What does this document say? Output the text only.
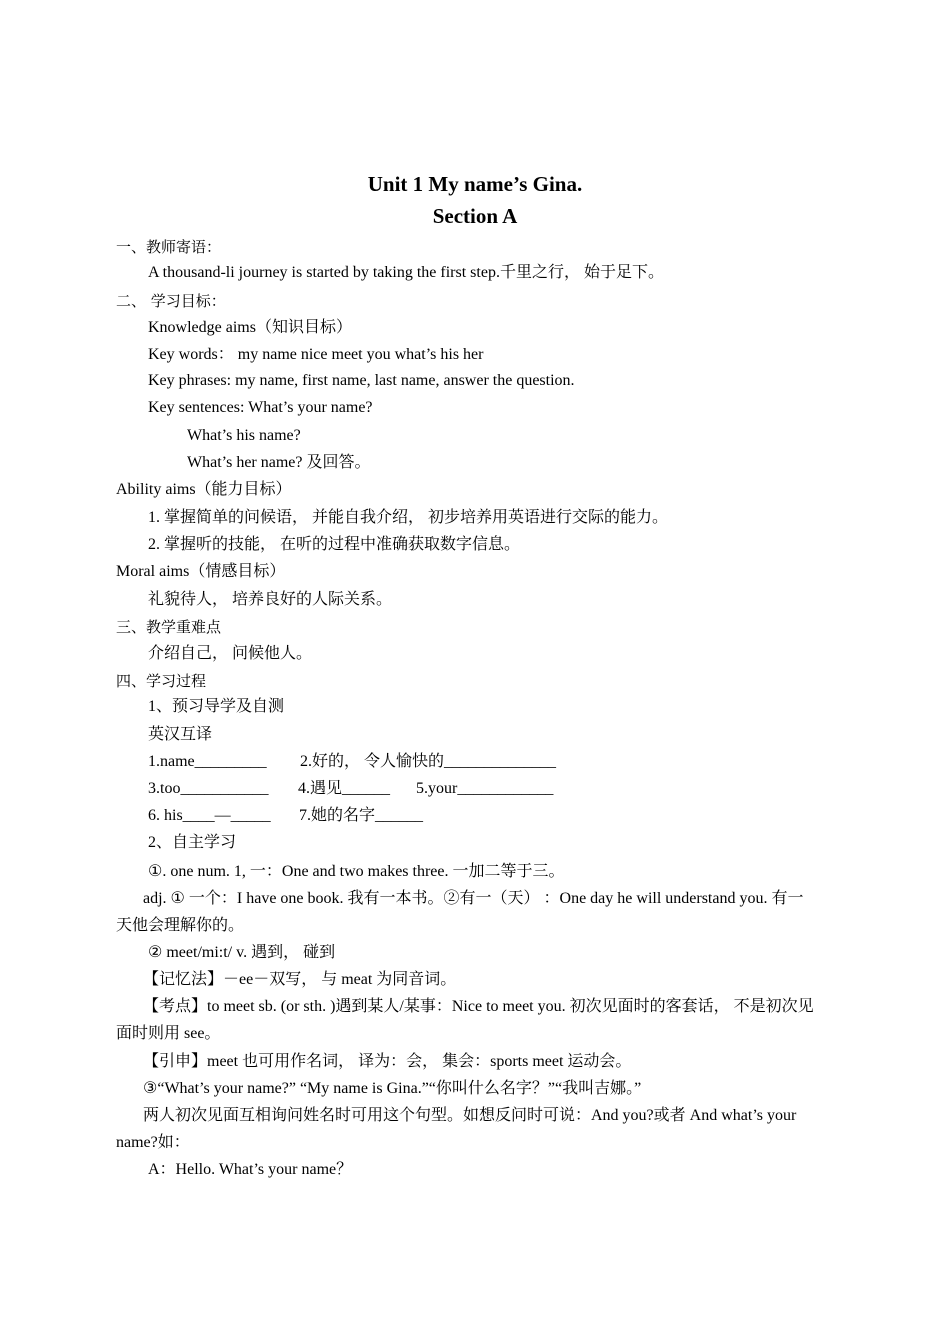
Unit 1 My name’s Gina.
Section A
一、教师寄语：
A thousand-li journey is started by taking the first step.千里之行， 始于足下。
二、 学习目标：
Knowledge aims（知识目标）
Key words： my name nice meet you what’s his her
Key phrases: my name, first name, last name, answer the question.
Key sentences: What’s your name?
What’s his name?
What’s her name? 及回答。
Ability aims（能力目标）
1. 掌握简单的问候语， 并能自我介绍， 初步培养用英语进行交际的能力。
2. 掌握听的技能， 在听的过程中准确获取数字信息。
Moral aims（情感目标）
礼貌待人， 培养良好的人际关系。
三、教学重难点
介绍自己， 问候他人。
四、学习过程
1、预习导学及自测
英汉互译
1.name_________ 2.好的， 令人愉快的______________
3.too___________ 4.遇见______ 5.your____________
6. his____—_____ 7.她的名字______
2、自主学习
①. one num. 1, 一：One and two makes three. 一加二等于三。
adj. ① 一个：I have one book. 我有一本书。②有一（天） ：One day he will understand you. 有一
天他会理解你的。
② meet/mi:t/ v. 遇到， 碰到
【记忆法】－ee－双写， 与 meat 为同音词。
【考点】to meet sb. (or sth. )遇到某人/某事：Nice to meet you. 初次见面时的客套话， 不是初次见
面时则用 see。
【引申】meet 也可用作名词， 译为：会， 集会：sports meet 运动会。
③“What’s your name?” “My name is Gina.”“你叫什么名字？”“我叫吉娜。”
两人初次见面互相询问姓名时可用这个句型。如想反问时可说：And you?或者 And what’s your
name?如：
A：Hello. What’s your name？
